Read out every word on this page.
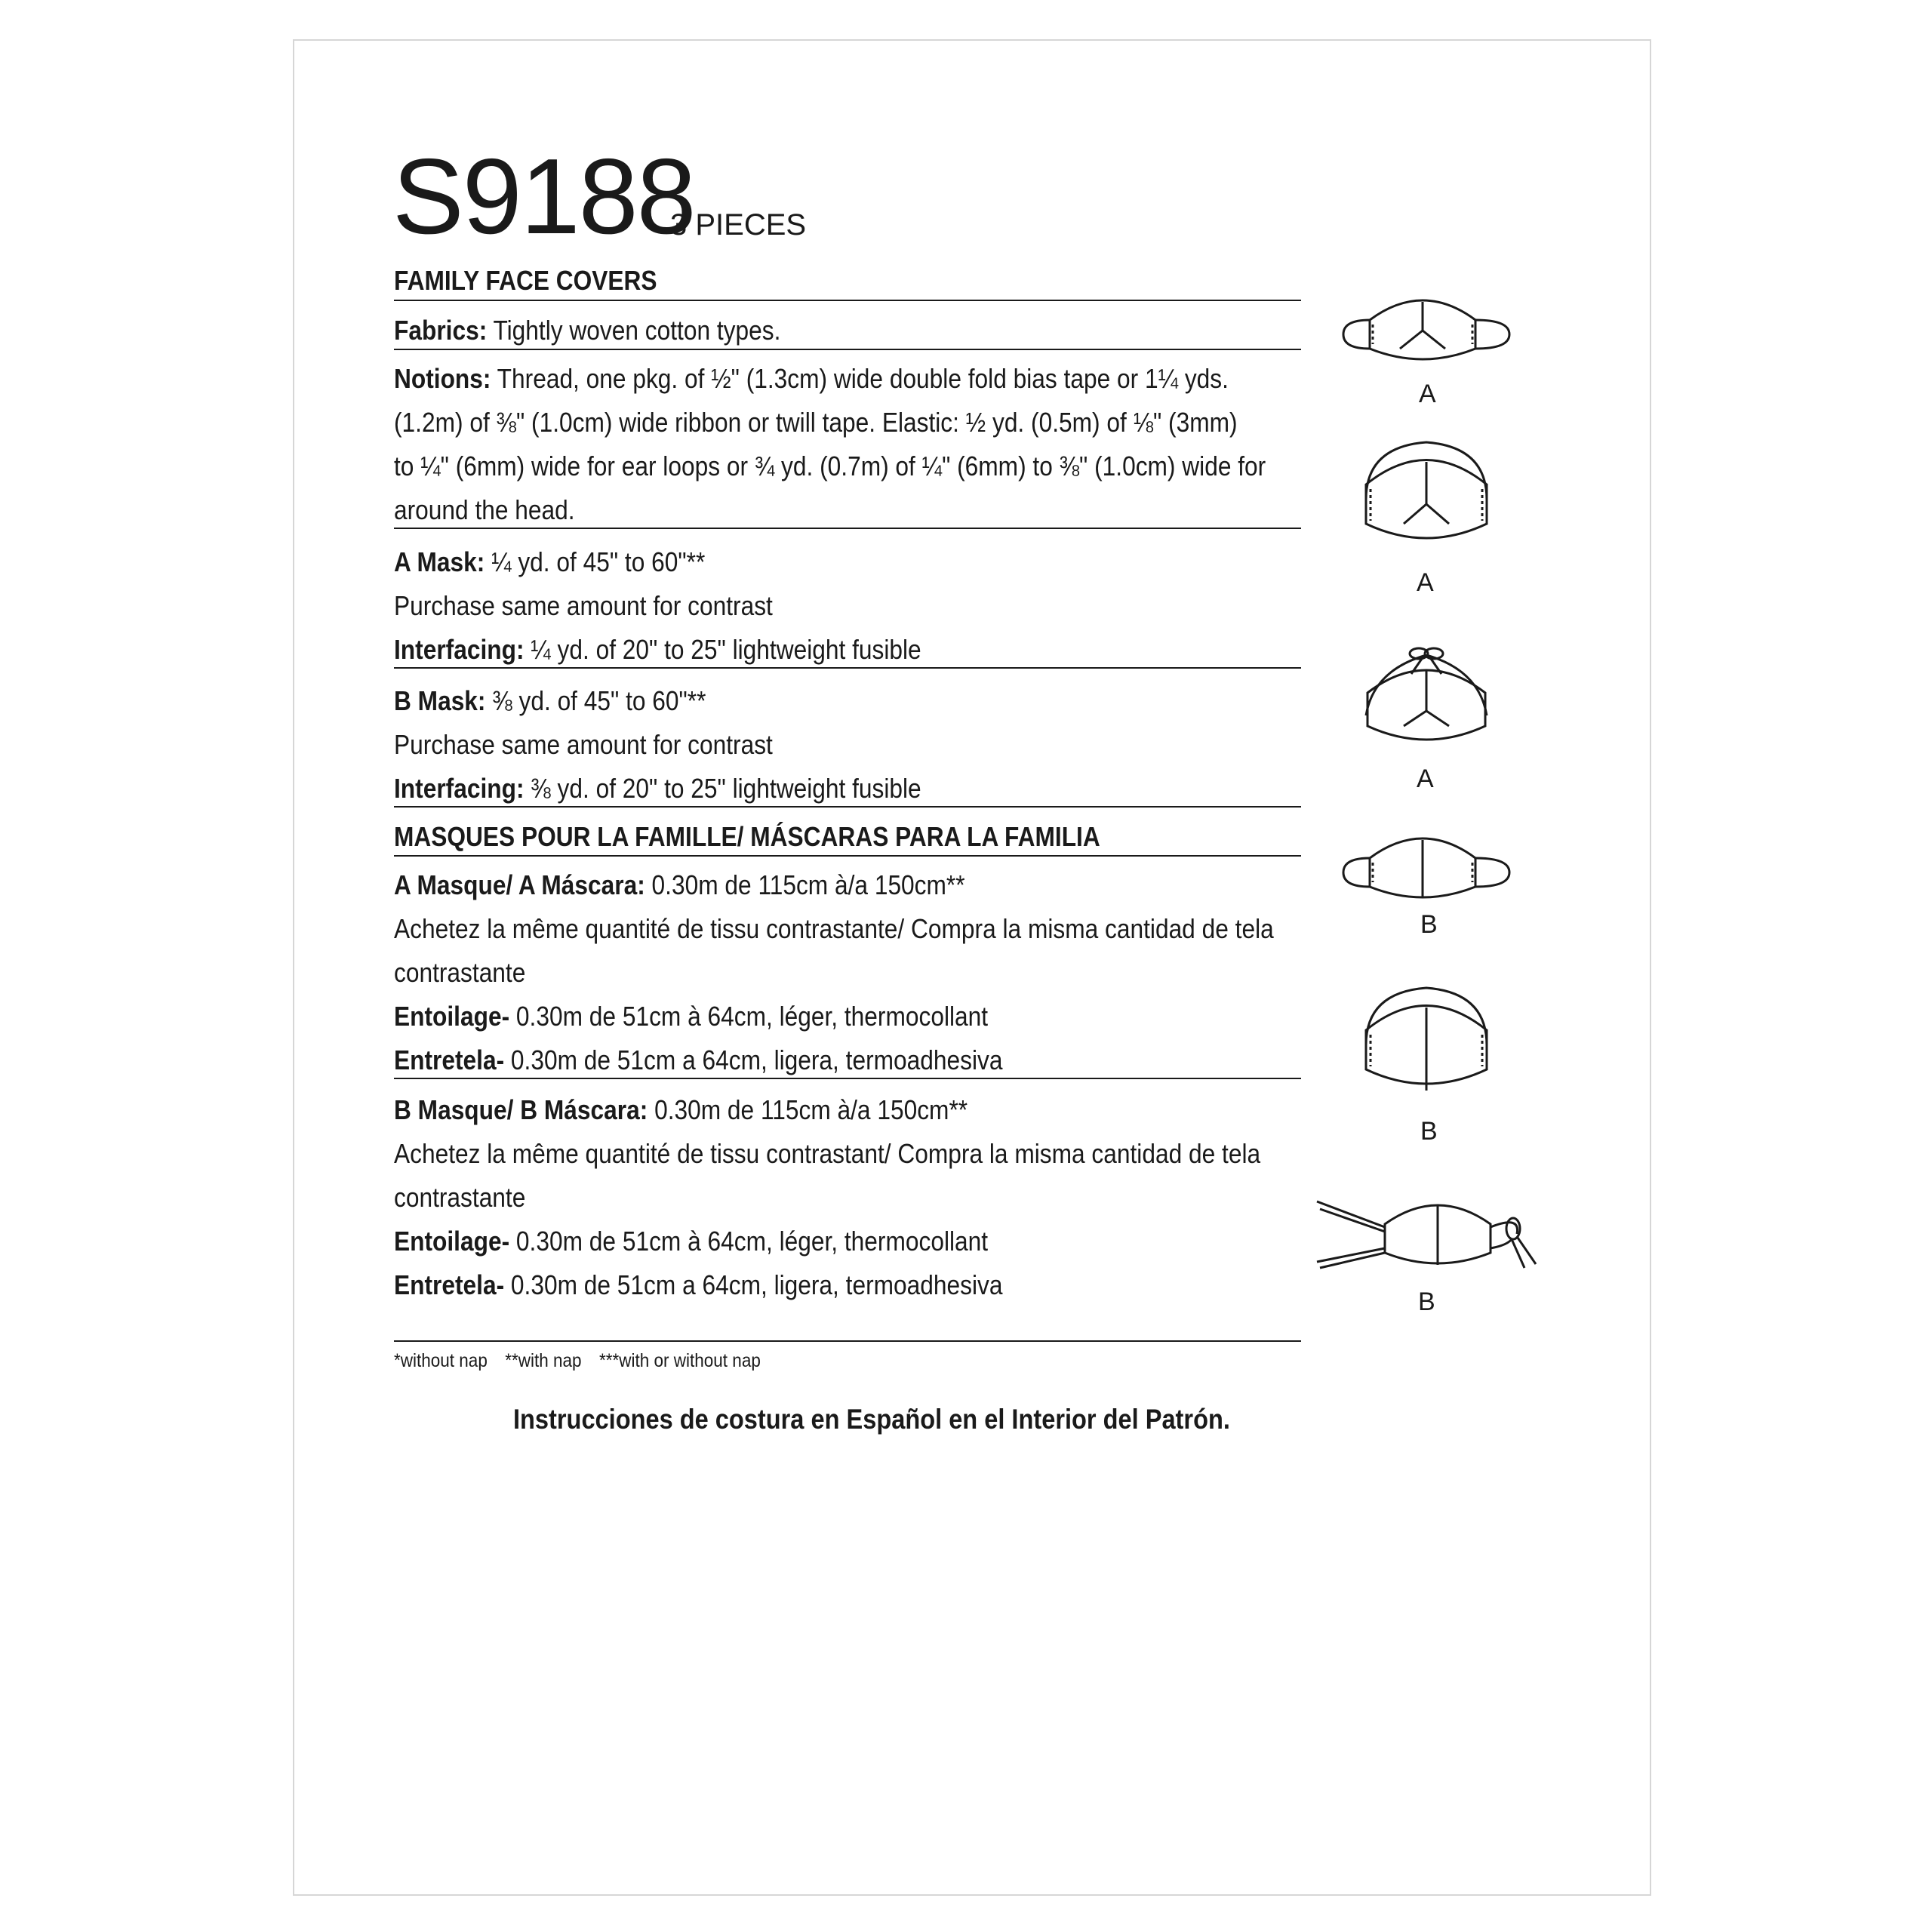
S9188
3 PIECES
FAMILY FACE COVERS
Fabrics: Tightly woven cotton types.
Notions: Thread, one pkg. of ½" (1.3cm) wide double fold bias tape or 1¼ yds.
(1.2m) of ⅜" (1.0cm) wide ribbon or twill tape. Elastic: ½ yd. (0.5m) of ⅛" (3mm)
to ¼" (6mm) wide for ear loops or ¾ yd. (0.7m) of ¼" (6mm) to ⅜" (1.0cm) wide for
around the head.
A Mask: ¼ yd. of 45" to 60"**
Purchase same amount for contrast
Interfacing: ¼ yd. of 20" to 25" lightweight fusible
B Mask: ⅜ yd. of 45" to 60"**
Purchase same amount for contrast
Interfacing: ⅜ yd. of 20" to 25" lightweight fusible
MASQUES POUR LA FAMILLE/ MÁSCARAS PARA LA FAMILIA
A Masque/ A Máscara: 0.30m de 115cm à/a 150cm**
Achetez la même quantité de tissu contrastante/ Compra la misma cantidad de tela
contrastante
Entoilage- 0.30m de 51cm à 64cm, léger, thermocollant
Entretela- 0.30m de 51cm a 64cm, ligera, termoadhesiva
B Masque/ B Máscara: 0.30m de 115cm à/a 150cm**
Achetez la même quantité de tissu contrastant/ Compra la misma cantidad de tela
contrastante
Entoilage- 0.30m de 51cm à 64cm, léger, thermocollant
Entretela- 0.30m de 51cm a 64cm, ligera, termoadhesiva
*without nap **with nap ***with or without nap
Instrucciones de costura en Español en el Interior del Patrón.
A
A
A
B
B
B
